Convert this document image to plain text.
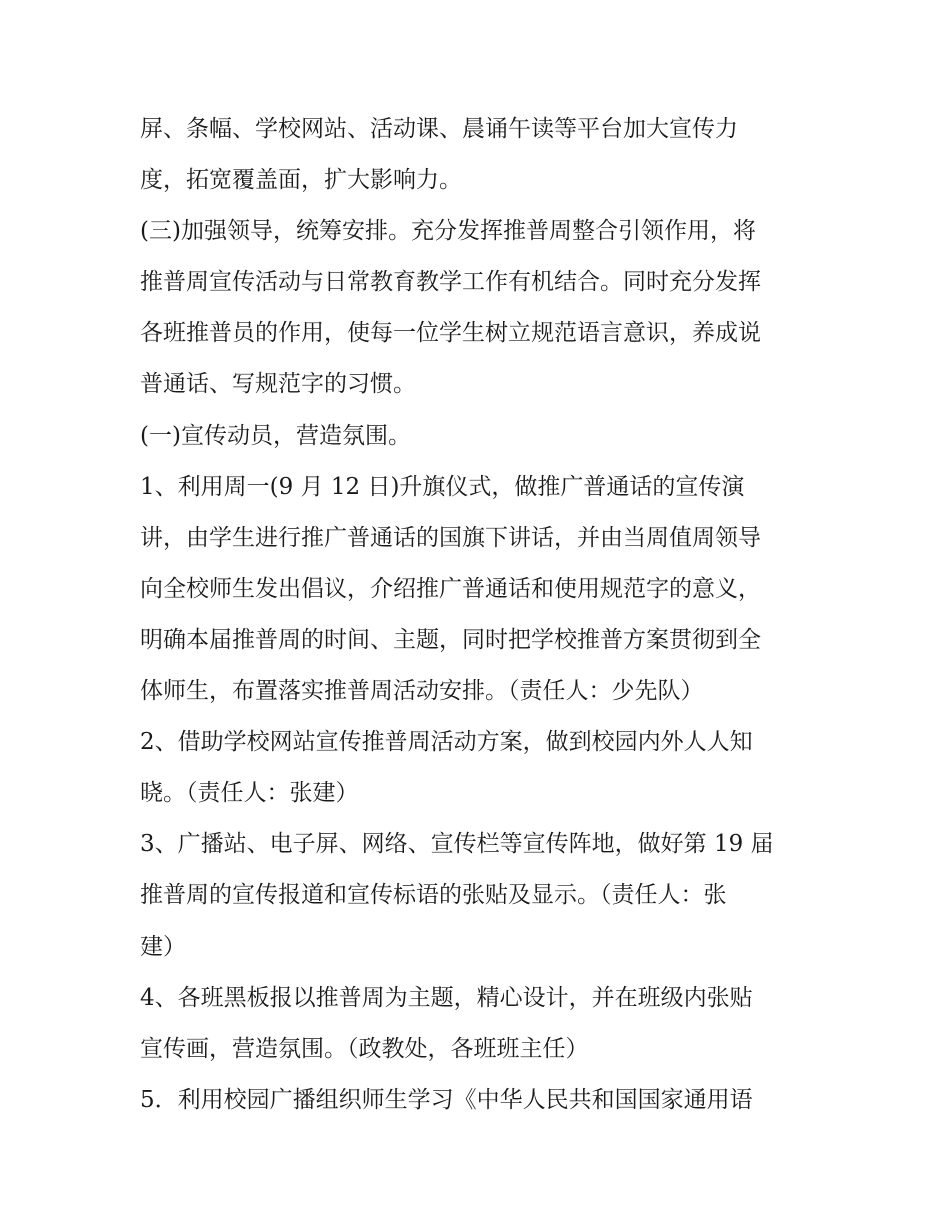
屏、条幅、学校网站、活动课、晨诵午读等平台加大宣传力
度，拓宽覆盖面，扩大影响力。
(三)加强领导，统筹安排。充分发挥推普周整合引领作用，将
推普周宣传活动与日常教育教学工作有机结合。同时充分发挥
各班推普员的作用，使每一位学生树立规范语言意识，养成说
普通话、写规范字的习惯。
(一)宣传动员，营造氛围。
1、利用周一(9 月 12 日)升旗仪式，做推广普通话的宣传演
讲，由学生进行推广普通话的国旗下讲话，并由当周值周领导
向全校师生发出倡议，介绍推广普通话和使用规范字的意义，
明确本届推普周的时间、主题，同时把学校推普方案贯彻到全
体师生，布置落实推普周活动安排。（责任人：少先队）
2、借助学校网站宣传推普周活动方案，做到校园内外人人知
晓。（责任人：张建）
3、广播站、电子屏、网络、宣传栏等宣传阵地，做好第 19 届
推普周的宣传报道和宣传标语的张贴及显示。（责任人：张
建）
4、各班黑板报以推普周为主题，精心设计，并在班级内张贴
宣传画，营造氛围。（政教处，各班班主任）
5．利用校园广播组织师生学习《中华人民共和国国家通用语
